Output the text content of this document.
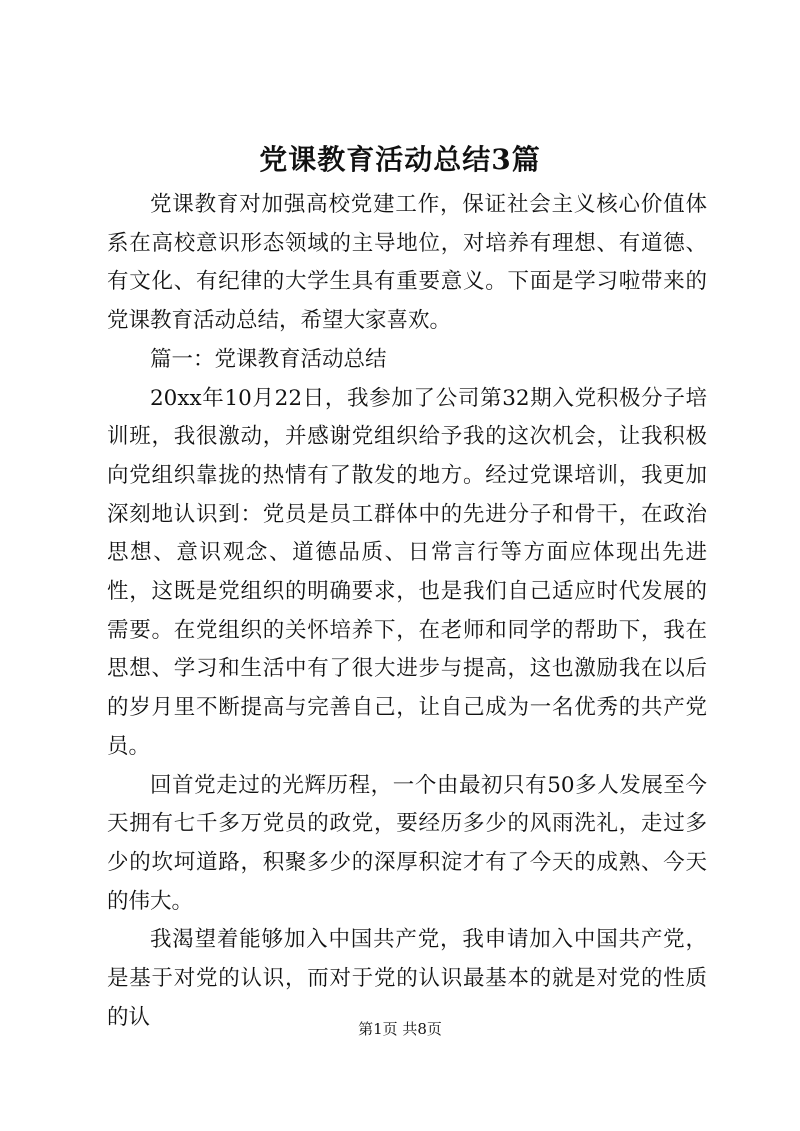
党课教育活动总结3篇

党课教育对加强高校党建工作，保证社会主义核心价值体系在高校意识形态领域的主导地位，对培养有理想、有道德、有文化、有纪律的大学生具有重要意义。下面是学习啦带来的党课教育活动总结，希望大家喜欢。

篇一：党课教育活动总结

20xx年10月22日，我参加了公司第32期入党积极分子培训班，我很激动，并感谢党组织给予我的这次机会，让我积极向党组织靠拢的热情有了散发的地方。经过党课培训，我更加深刻地认识到：党员是员工群体中的先进分子和骨干，在政治思想、意识观念、道德品质、日常言行等方面应体现出先进性，这既是党组织的明确要求，也是我们自己适应时代发展的需要。在党组织的关怀培养下，在老师和同学的帮助下，我在思想、学习和生活中有了很大进步与提高，这也激励我在以后的岁月里不断提高与完善自己，让自己成为一名优秀的共产党员。

回首党走过的光辉历程，一个由最初只有50多人发展至今天拥有七千多万党员的政党，要经历多少的风雨洗礼，走过多少的坎坷道路，积聚多少的深厚积淀才有了今天的成熟、今天的伟大。

我渴望着能够加入中国共产党，我申请加入中国共产党，是基于对党的认识，而对于党的认识最基本的就是对党的性质的认	第1页 共8页
